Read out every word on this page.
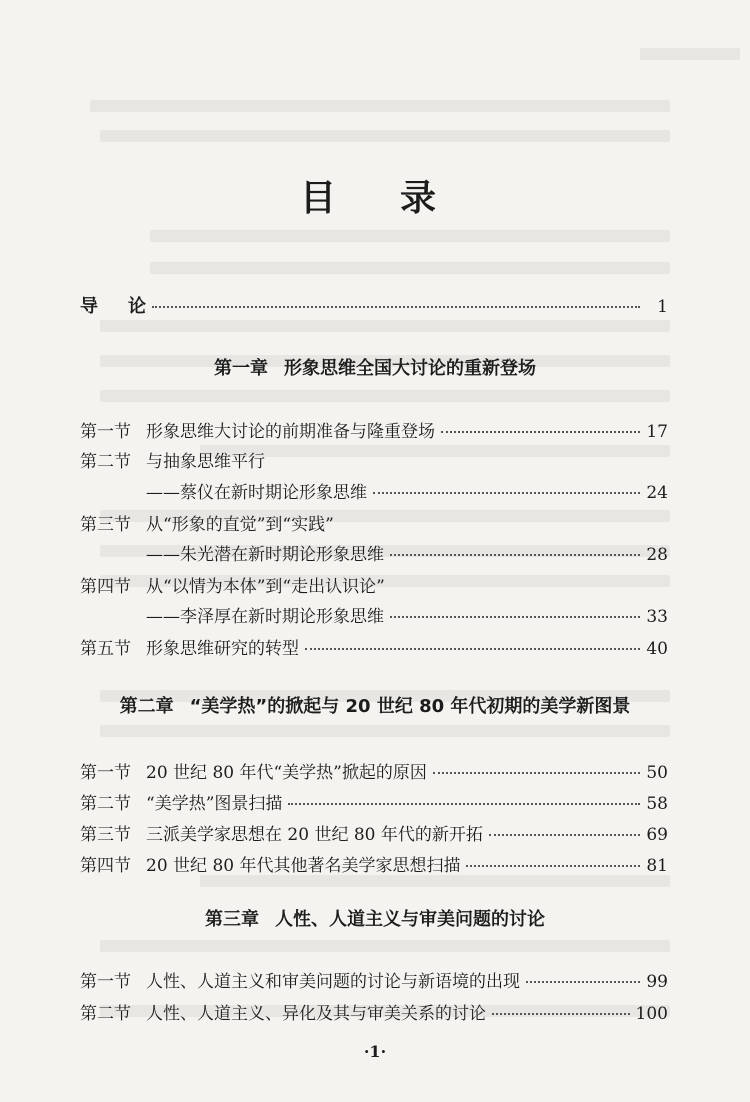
目　录
导　论	1
第一章 形象思维全国大讨论的重新登场
第一节 形象思维大讨论的前期准备与隆重登场	17
第二节 与抽象思维平行
——蔡仪在新时期论形象思维	24
第三节 从“形象的直觉”到“实践”
——朱光潜在新时期论形象思维	28
第四节 从“以情为本体”到“走出认识论”
——李泽厚在新时期论形象思维	33
第五节 形象思维研究的转型	40
第二章 “美学热”的掀起与 20 世纪 80 年代初期的美学新图景
第一节 20 世纪 80 年代“美学热”掀起的原因	50
第二节 “美学热”图景扫描	58
第三节 三派美学家思想在 20 世纪 80 年代的新开拓	69
第四节 20 世纪 80 年代其他著名美学家思想扫描	81
第三章 人性、人道主义与审美问题的讨论
第一节 人性、人道主义和审美问题的讨论与新语境的出现	99
第二节 人性、人道主义、异化及其与审美关系的讨论	100
·1·
